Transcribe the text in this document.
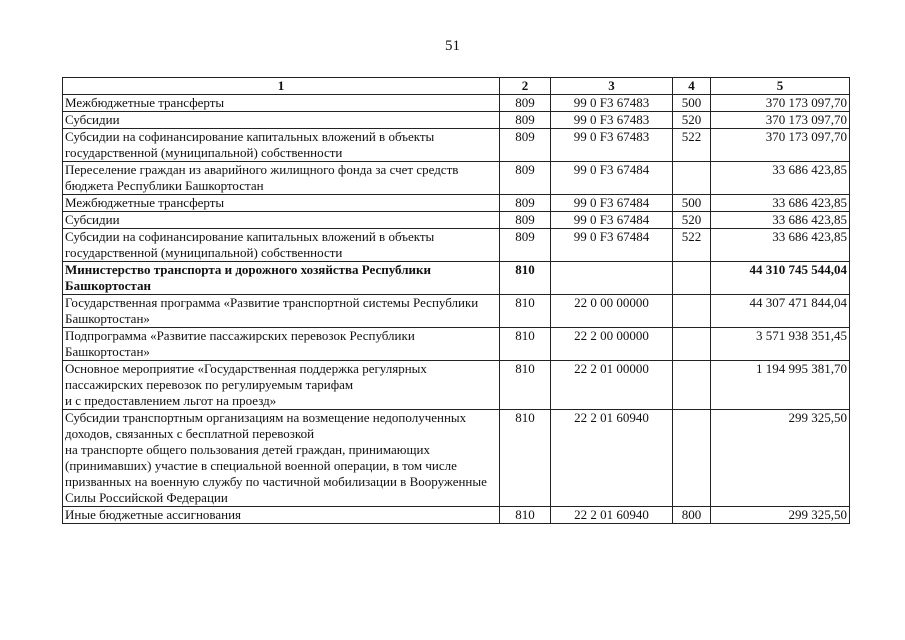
51
1	2	3	4	5
Межбюджетные трансферты	809	99 0 F3 67483	500	370 173 097,70
Субсидии	809	99 0 F3 67483	520	370 173 097,70
Субсидии на софинансирование капитальных вложений в объекты государственной (муниципальной) собственности	809	99 0 F3 67483	522	370 173 097,70
Переселение граждан из аварийного жилищного фонда за счет средств бюджета Республики Башкортостан	809	99 0 F3 67484		33 686 423,85
Межбюджетные трансферты	809	99 0 F3 67484	500	33 686 423,85
Субсидии	809	99 0 F3 67484	520	33 686 423,85
Субсидии на софинансирование капитальных вложений в объекты государственной (муниципальной) собственности	809	99 0 F3 67484	522	33 686 423,85
Министерство транспорта и дорожного хозяйства Республики Башкортостан	810			44 310 745 544,04
Государственная программа «Развитие транспортной системы Республики Башкортостан»	810	22 0 00 00000		44 307 471 844,04
Подпрограмма «Развитие пассажирских перевозок Республики Башкортостан»	810	22 2 00 00000		3 571 938 351,45
Основное мероприятие «Государственная поддержка регулярных пассажирских перевозок по регулируемым тарифам
и с предоставлением льгот на проезд»	810	22 2 01 00000		1 194 995 381,70
Субсидии транспортным организациям на возмещение недополученных доходов, связанных с бесплатной перевозкой
на транспорте общего пользования детей граждан, принимающих (принимавших) участие в специальной военной операции, в том числе призванных на военную службу по частичной мобилизации в Вооруженные Силы Российской Федерации	810	22 2 01 60940		299 325,50
Иные бюджетные ассигнования	810	22 2 01 60940	800	299 325,50
